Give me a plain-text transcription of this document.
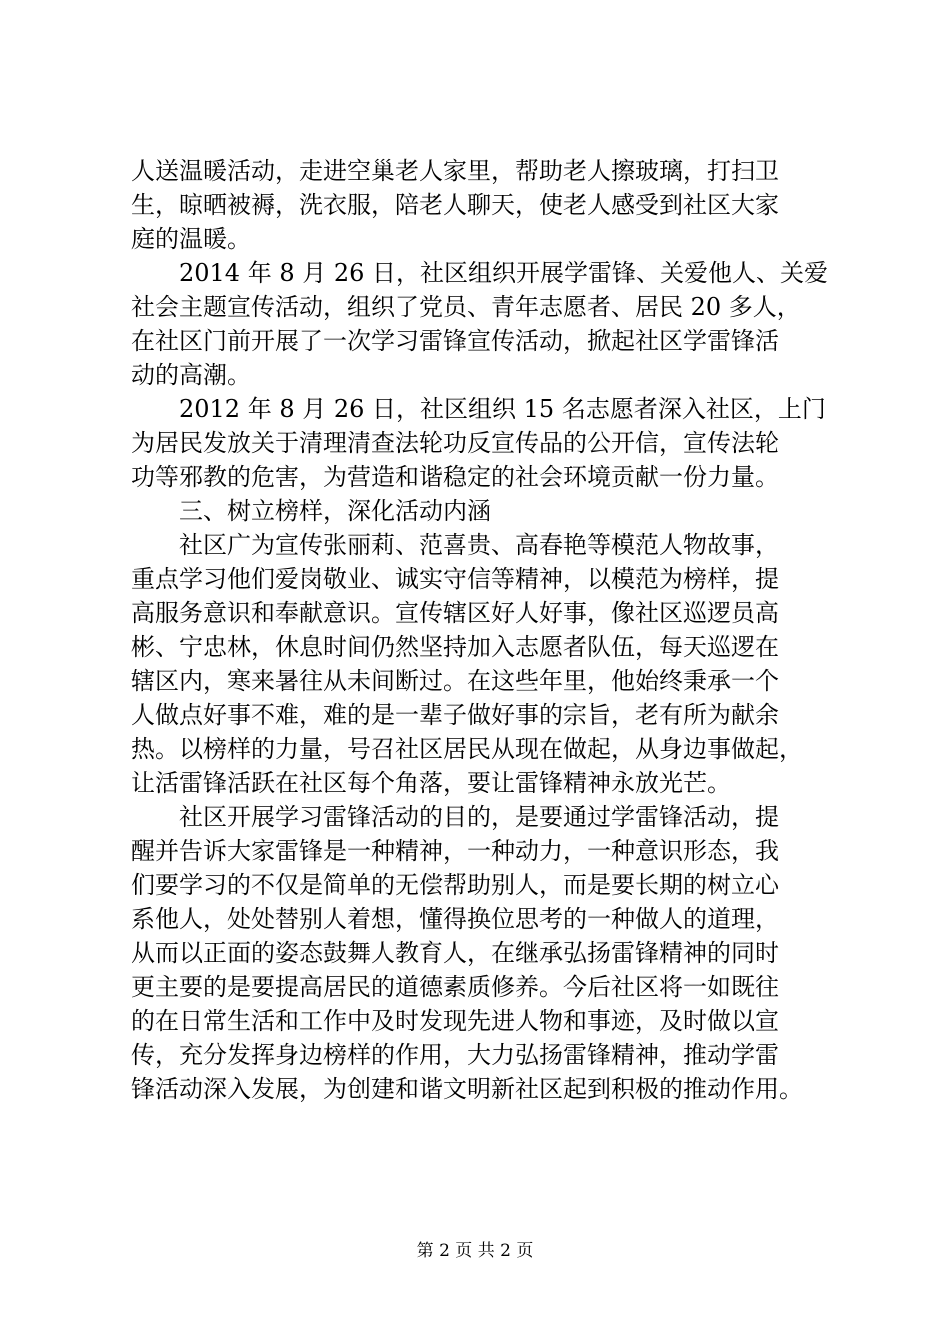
人送温暖活动，走进空巢老人家里，帮助老人擦玻璃，打扫卫
生，晾晒被褥，洗衣服，陪老人聊天，使老人感受到社区大家
庭的温暖。
　　2014 年 8 月 26 日，社区组织开展学雷锋、关爱他人、关爱
社会主题宣传活动，组织了党员、青年志愿者、居民 20 多人，
在社区门前开展了一次学习雷锋宣传活动，掀起社区学雷锋活
动的高潮。
　　2012 年 8 月 26 日，社区组织 15 名志愿者深入社区，上门
为居民发放关于清理清查法轮功反宣传品的公开信，宣传法轮
功等邪教的危害，为营造和谐稳定的社会环境贡献一份力量。
　　三、树立榜样，深化活动内涵
　　社区广为宣传张丽莉、范喜贵、高春艳等模范人物故事，
重点学习他们爱岗敬业、诚实守信等精神，以模范为榜样，提
高服务意识和奉献意识。宣传辖区好人好事，像社区巡逻员高
彬、宁忠林，休息时间仍然坚持加入志愿者队伍，每天巡逻在
辖区内，寒来暑往从未间断过。在这些年里，他始终秉承一个
人做点好事不难，难的是一辈子做好事的宗旨，老有所为献余
热。以榜样的力量，号召社区居民从现在做起，从身边事做起，
让活雷锋活跃在社区每个角落，要让雷锋精神永放光芒。
　　社区开展学习雷锋活动的目的，是要通过学雷锋活动，提
醒并告诉大家雷锋是一种精神，一种动力，一种意识形态，我
们要学习的不仅是简单的无偿帮助别人，而是要长期的树立心
系他人，处处替别人着想，懂得换位思考的一种做人的道理，
从而以正面的姿态鼓舞人教育人，在继承弘扬雷锋精神的同时
更主要的是要提高居民的道德素质修养。今后社区将一如既往
的在日常生活和工作中及时发现先进人物和事迹，及时做以宣
传，充分发挥身边榜样的作用，大力弘扬雷锋精神，推动学雷
锋活动深入发展，为创建和谐文明新社区起到积极的推动作用。
第 2 页 共 2 页
